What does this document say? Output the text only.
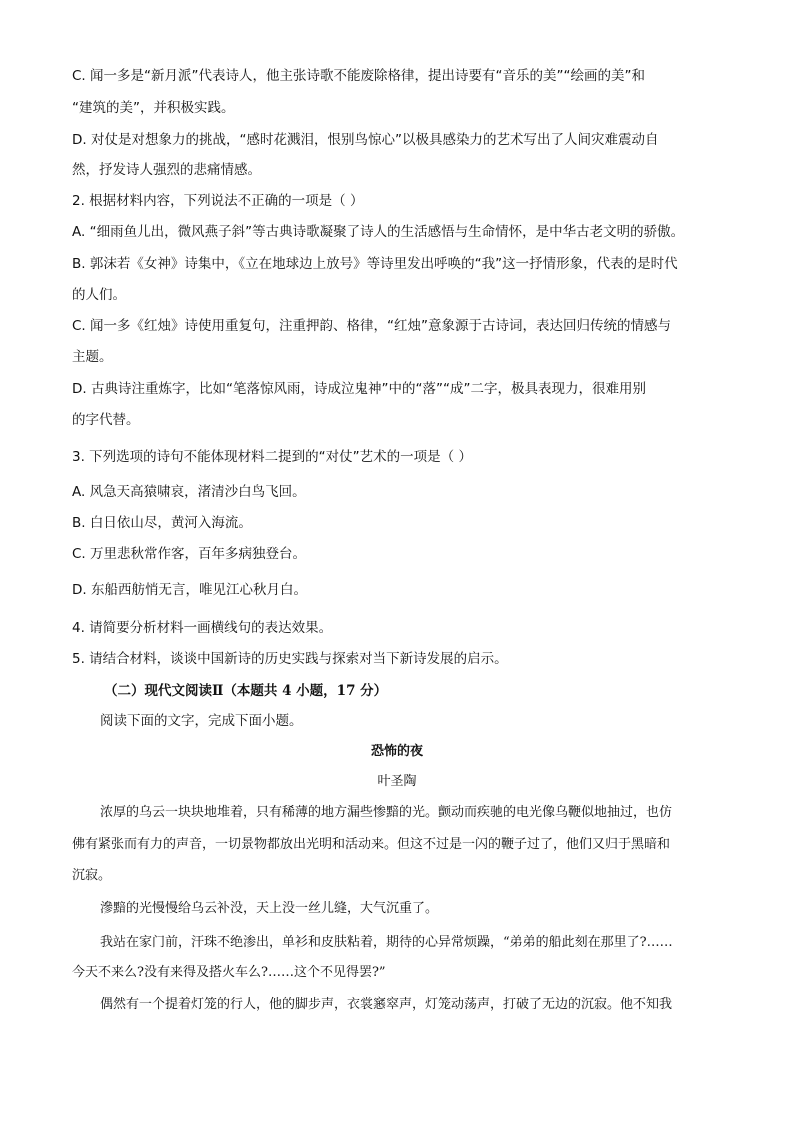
C. 闻一多是“新月派”代表诗人，他主张诗歌不能废除格律，提出诗要有“音乐的美”“绘画的美”和
“建筑的美”，并积极实践。
D. 对仗是对想象力的挑战，“感时花溅泪，恨别鸟惊心”以极具感染力的艺术写出了人间灾难震动自
然，抒发诗人强烈的悲痛情感。
2. 根据材料内容，下列说法不正确的一项是（ ）
A. “细雨鱼儿出，微风燕子斜”等古典诗歌凝聚了诗人的生活感悟与生命情怀，是中华古老文明的骄傲。
B. 郭沫若《女神》诗集中，《立在地球边上放号》等诗里发出呼唤的“我”这一抒情形象，代表的是时代
的人们。
C. 闻一多《红烛》诗使用重复句，注重押韵、格律，“红烛”意象源于古诗词，表达回归传统的情感与
主题。
D. 古典诗注重炼字，比如“笔落惊风雨，诗成泣鬼神”中的“落”“成”二字，极具表现力，很难用别
的字代替。
3. 下列选项的诗句不能体现材料二提到的“对仗”艺术的一项是（ ）
A. 风急天高猿啸哀，渚清沙白鸟飞回。
B. 白日依山尽，黄河入海流。
C. 万里悲秋常作客，百年多病独登台。
D. 东船西舫悄无言，唯见江心秋月白。
4. 请简要分析材料一画横线句的表达效果。
5. 请结合材料，谈谈中国新诗的历史实践与探索对当下新诗发展的启示。
（二）现代文阅读Ⅱ（本题共 4 小题，17 分）
阅读下面的文字，完成下面小题。
恐怖的夜
叶圣陶
浓厚的乌云一块块地堆着，只有稀薄的地方漏些惨黯的光。颤动而疾驰的电光像乌鞭似地抽过，也仿
佛有紧张而有力的声音，一切景物都放出光明和活动来。但这不过是一闪的鞭子过了，他们又归于黑暗和
沉寂。
滲黯的光慢慢给乌云补没，天上没一丝儿缝，大气沉重了。
我站在家门前，汗珠不绝渗出，单衫和皮肤粘着，期待的心异常烦躁，“弟弟的船此刻在那里了?……
今天不来么?没有来得及搭火车么?……这个不见得罢?”
偶然有一个提着灯笼的行人，他的脚步声，衣裳窸窣声，灯笼动荡声，打破了无边的沉寂。他不知我
